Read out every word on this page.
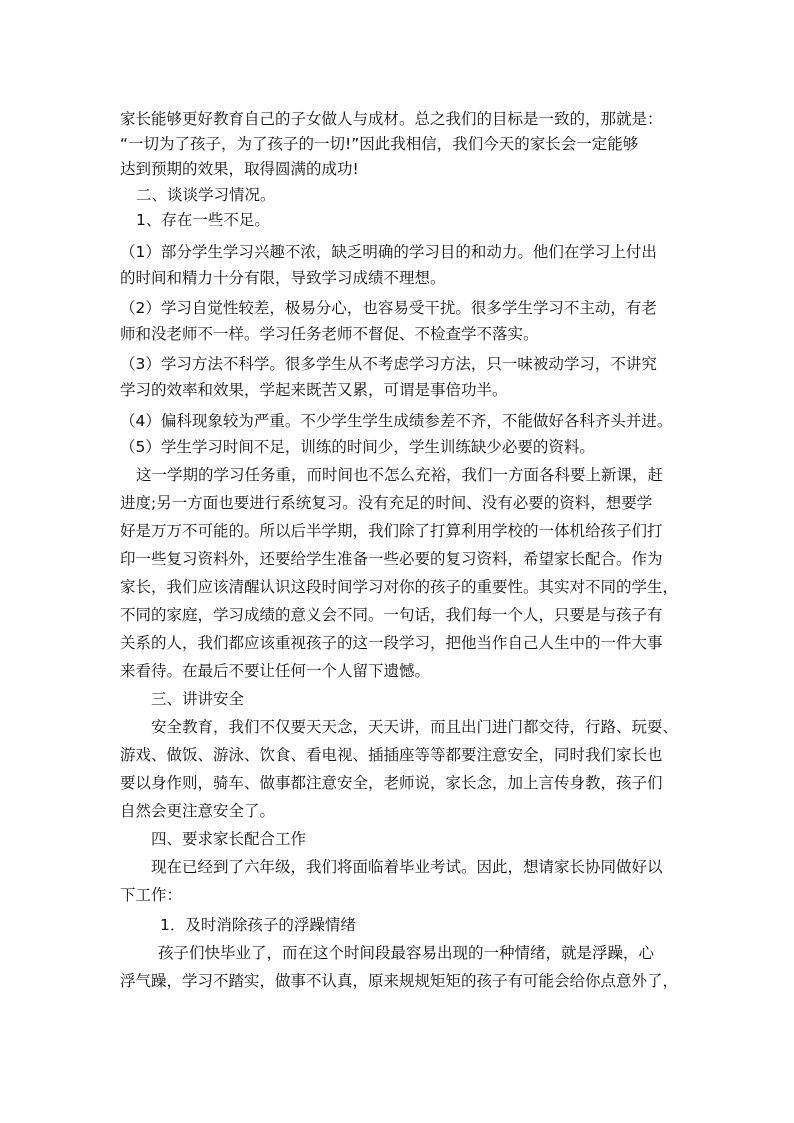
家长能够更好教育自己的子女做人与成材。总之我们的目标是一致的，那就是：
“一切为了孩子，为了孩子的一切!”因此我相信，我们今天的家长会一定能够
达到预期的效果，取得圆满的成功!
二、谈谈学习情况。
1、存在一些不足。
（1）部分学生学习兴趣不浓，缺乏明确的学习目的和动力。他们在学习上付出
的时间和精力十分有限，导致学习成绩不理想。
（2）学习自觉性较差，极易分心，也容易受干扰。很多学生学习不主动，有老
师和没老师不一样。学习任务老师不督促、不检查学不落实。
（3）学习方法不科学。很多学生从不考虑学习方法，只一味被动学习，不讲究
学习的效率和效果，学起来既苦又累，可谓是事倍功半。
（4）偏科现象较为严重。不少学生学生成绩参差不齐，不能做好各科齐头并进。
（5）学生学习时间不足，训练的时间少，学生训练缺少必要的资料。
这一学期的学习任务重，而时间也不怎么充裕，我们一方面各科要上新课，赶
进度;另一方面也要进行系统复习。没有充足的时间、没有必要的资料，想要学
好是万万不可能的。所以后半学期，我们除了打算利用学校的一体机给孩子们打
印一些复习资料外，还要给学生准备一些必要的复习资料，希望家长配合。作为
家长，我们应该清醒认识这段时间学习对你的孩子的重要性。其实对不同的学生，
不同的家庭，学习成绩的意义会不同。一句话，我们每一个人，只要是与孩子有
关系的人，我们都应该重视孩子的这一段学习，把他当作自己人生中的一件大事
来看待。在最后不要让任何一个人留下遗憾。
三、讲讲安全
安全教育，我们不仅要天天念，天天讲，而且出门进门都交待，行路、玩耍、
游戏、做饭、游泳、饮食、看电视、插插座等等都要注意安全，同时我们家长也
要以身作则，骑车、做事都注意安全，老师说，家长念，加上言传身教，孩子们
自然会更注意安全了。
四、要求家长配合工作
现在已经到了六年级，我们将面临着毕业考试。因此，想请家长协同做好以
下工作：
1．及时消除孩子的浮躁情绪
孩子们快毕业了，而在这个时间段最容易出现的一种情绪，就是浮躁，心
浮气躁，学习不踏实，做事不认真，原来规规矩矩的孩子有可能会给你点意外了，
